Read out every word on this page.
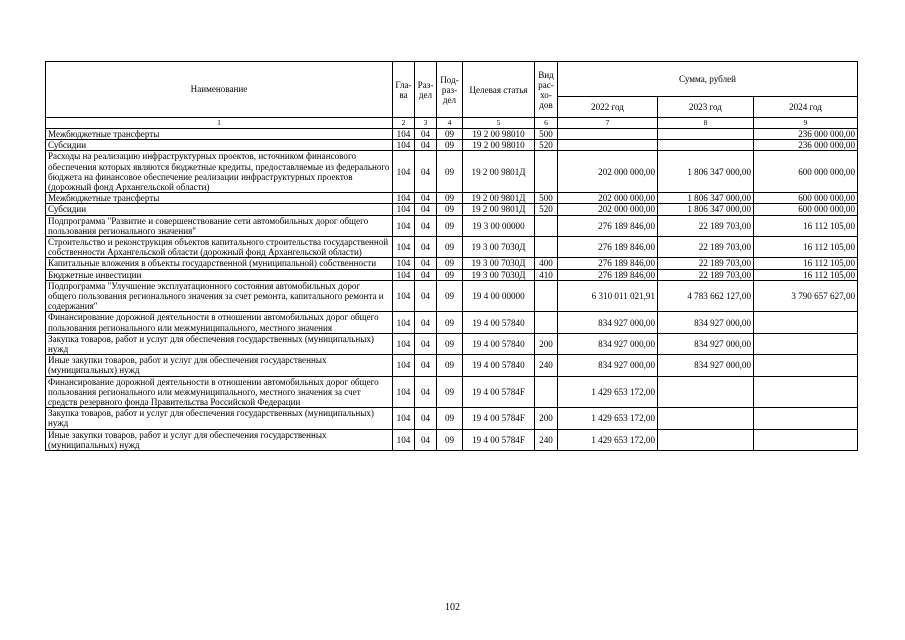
Наименование	Гла-ва	Раз-дел	Под-раз-дел	Целевая статья	Вид рас-хо-дов	Сумма, рублей		
						2022 год	2023 год	2024 год
1	2	3	4	5	6	7	8	9
Межбюджетные трансферты	104	04	09	19 2 00 98010	500			236 000 000,00
Субсидии	104	04	09	19 2 00 98010	520			236 000 000,00
Расходы на реализацию инфраструктурных проектов, источником финансового обеспечения которых являются бюджетные кредиты, предоставляемые из федерального бюджета на финансовое обеспечение реализации инфраструктурных проектов (дорожный фонд Архангельской области)	104	04	09	19 2 00 9801Д		202 000 000,00	1 806 347 000,00	600 000 000,00
Межбюджетные трансферты	104	04	09	19 2 00 9801Д	500	202 000 000,00	1 806 347 000,00	600 000 000,00
Субсидии	104	04	09	19 2 00 9801Д	520	202 000 000,00	1 806 347 000,00	600 000 000,00
Подпрограмма "Развитие и совершенствование сети автомобильных дорог общего пользования регионального значения"	104	04	09	19 3 00 00000		276 189 846,00	22 189 703,00	16 112 105,00
Строительство и реконструкция объектов капитального строительства государственной собственности Архангельской области (дорожный фонд Архангельской области)	104	04	09	19 3 00 7030Д		276 189 846,00	22 189 703,00	16 112 105,00
Капитальные вложения в объекты государственной (муниципальной) собственности	104	04	09	19 3 00 7030Д	400	276 189 846,00	22 189 703,00	16 112 105,00
Бюджетные инвестиции	104	04	09	19 3 00 7030Д	410	276 189 846,00	22 189 703,00	16 112 105,00
Подпрограмма "Улучшение эксплуатационного состояния автомобильных дорог общего пользования регионального значения за счет ремонта, капитального ремонта и содержания"	104	04	09	19 4 00 00000		6 310 011 021,91	4 783 662 127,00	3 790 657 627,00
Финансирование дорожной деятельности в отношении автомобильных дорог общего пользования регионального или межмуниципального, местного значения	104	04	09	19 4 00 57840		834 927 000,00	834 927 000,00	
Закупка товаров, работ и услуг для обеспечения государственных (муниципальных) нужд	104	04	09	19 4 00 57840	200	834 927 000,00	834 927 000,00	
Иные закупки товаров, работ и услуг для обеспечения государственных (муниципальных) нужд	104	04	09	19 4 00 57840	240	834 927 000,00	834 927 000,00	
Финансирование дорожной деятельности в отношении автомобильных дорог общего пользования регионального или межмуниципального, местного значения за счет средств резервного фонда Правительства Российской Федерации	104	04	09	19 4 00 5784F		1 429 653 172,00		
Закупка товаров, работ и услуг для обеспечения государственных (муниципальных) нужд	104	04	09	19 4 00 5784F	200	1 429 653 172,00		
Иные закупки товаров, работ и услуг для обеспечения государственных (муниципальных) нужд	104	04	09	19 4 00 5784F	240	1 429 653 172,00		
102
